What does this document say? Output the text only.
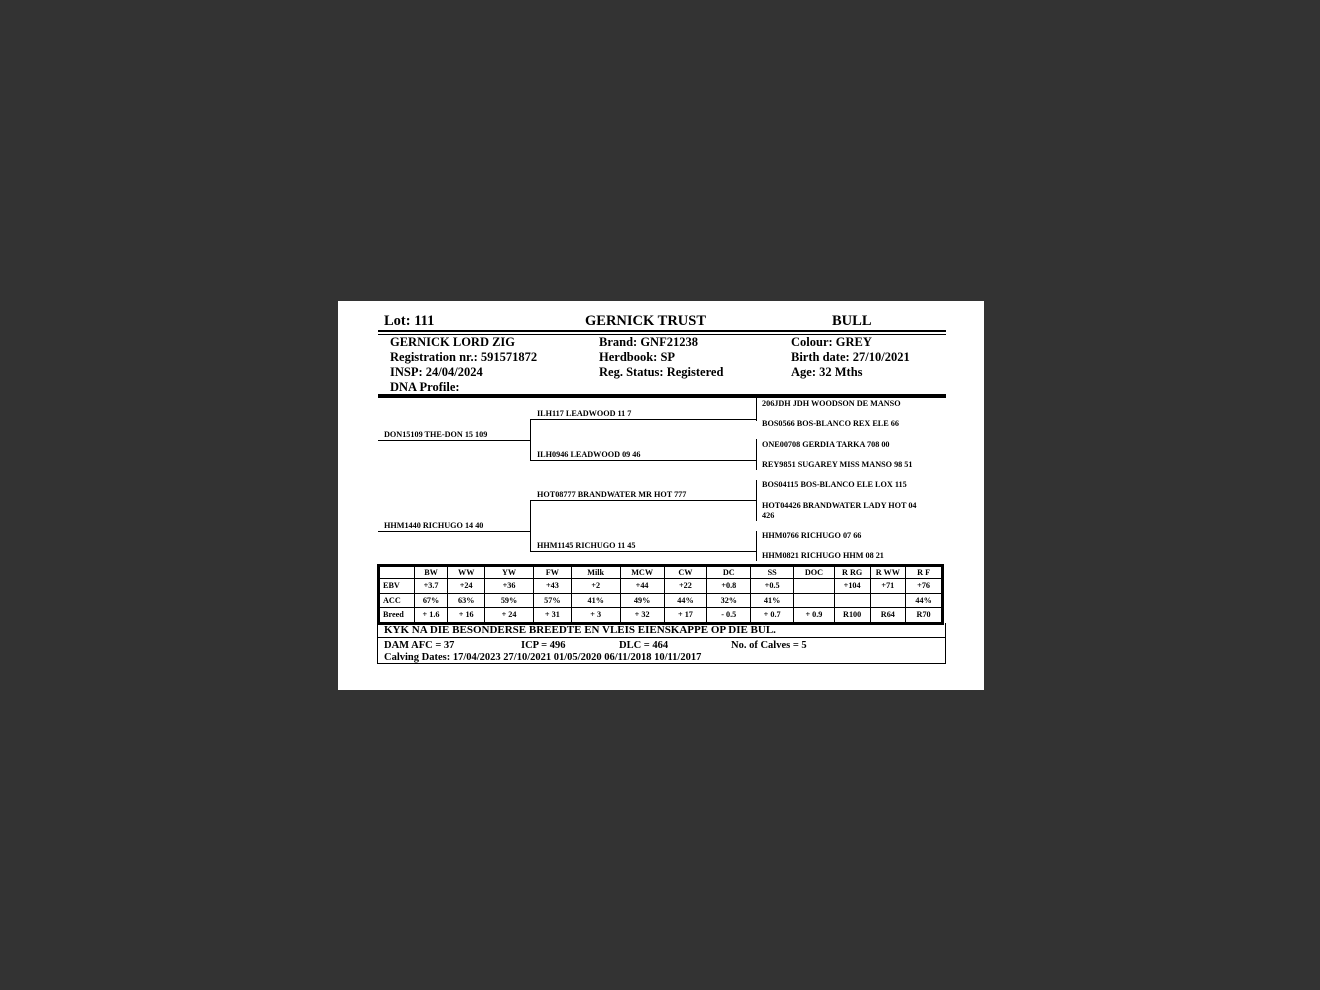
Lot: 111	GERNICK TRUST	BULL
GERNICK LORD ZIG
Registration nr.: 591571872
INSP: 24/04/2024
DNA Profile:
Brand: GNF21238
Herdbook: SP
Reg. Status: Registered
Colour: GREY
Birth date: 27/10/2021
Age: 32 Mths
DON15109 THE-DON 15 109
HHM1440 RICHUGO 14 40
ILH117 LEADWOOD 11 7
ILH0946 LEADWOOD 09 46
HOT08777 BRANDWATER MR HOT 777
HHM1145 RICHUGO 11 45
206JDH JDH WOODSON DE MANSO
BOS0566 BOS-BLANCO REX ELE 66
ONE00708 GERDIA TARKA 708 00
REY9851 SUGAREY MISS MANSO 98 51
BOS04115 BOS-BLANCO ELE LOX 115
HOT04426 BRANDWATER LADY HOT 04
426
HHM0766 RICHUGO 07 66
HHM0821 RICHUGO HHM 08 21
	BW	WW	YW	FW	Milk	MCW	CW	DC	SS	DOC	R RG	R WW	R F
EBV	+3.7	+24	+36	+43	+2	+44	+22	+0.8	+0.5		+104	+71	+76
ACC	67%	63%	59%	57%	41%	49%	44%	32%	41%				44%
Breed	+ 1.6	+ 16	+ 24	+ 31	+ 3	+ 32	+ 17	- 0.5	+ 0.7	+ 0.9	R100	R64	R70
KYK NA DIE BESONDERSE BREEDTE EN VLEIS EIENSKAPPE OP DIE BUL.
DAM AFC = 37	ICP = 496	DLC = 464	No. of Calves = 5
Calving Dates: 17/04/2023 27/10/2021 01/05/2020 06/11/2018 10/11/2017
